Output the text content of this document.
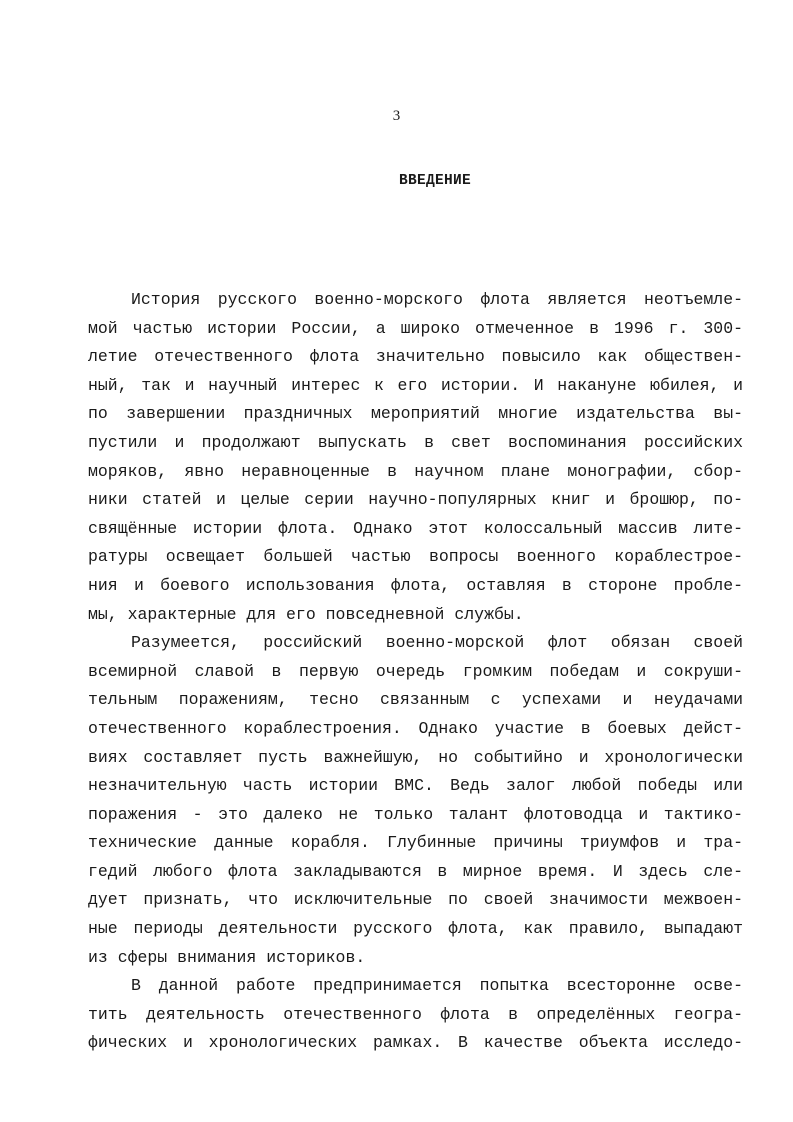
3
ВВЕДЕНИЕ
История русского военно-морского флота является неотъемле-
мой частью истории России, а широко отмеченное в 1996 г. 300-
летие отечественного флота значительно повысило как обществен-
ный, так и научный интерес к его истории. И накануне юбилея, и
по завершении праздничных мероприятий многие издательства вы-
пустили и продолжают выпускать в свет воспоминания российских
моряков, явно неравноценные в научном плане монографии, сбор-
ники статей и целые серии научно-популярных книг и брошюр, по-
свящённые истории флота. Однако этот колоссальный массив лите-
ратуры освещает большей частью вопросы военного кораблестрое-
ния и боевого использования флота, оставляя в стороне пробле-
мы, характерные для его повседневной службы.
Разумеется, российский военно-морской флот обязан своей
всемирной славой в первую очередь громким победам и сокруши-
тельным поражениям, тесно связанным с успехами и неудачами
отечественного кораблестроения. Однако участие в боевых дейст-
виях составляет пусть важнейшую, но событийно и хронологически
незначительную часть истории ВМС. Ведь залог любой победы или
поражения - это далеко не только талант флотоводца и тактико-
технические данные корабля. Глубинные причины триумфов и тра-
гедий любого флота закладываются в мирное время. И здесь сле-
дует признать, что исключительные по своей значимости межвоен-
ные периоды деятельности русского флота, как правило, выпадают
из сферы внимания историков.
В данной работе предпринимается попытка всесторонне осве-
тить деятельность отечественного флота в определённых геогра-
фических и хронологических рамках. В качестве объекта исследо-
